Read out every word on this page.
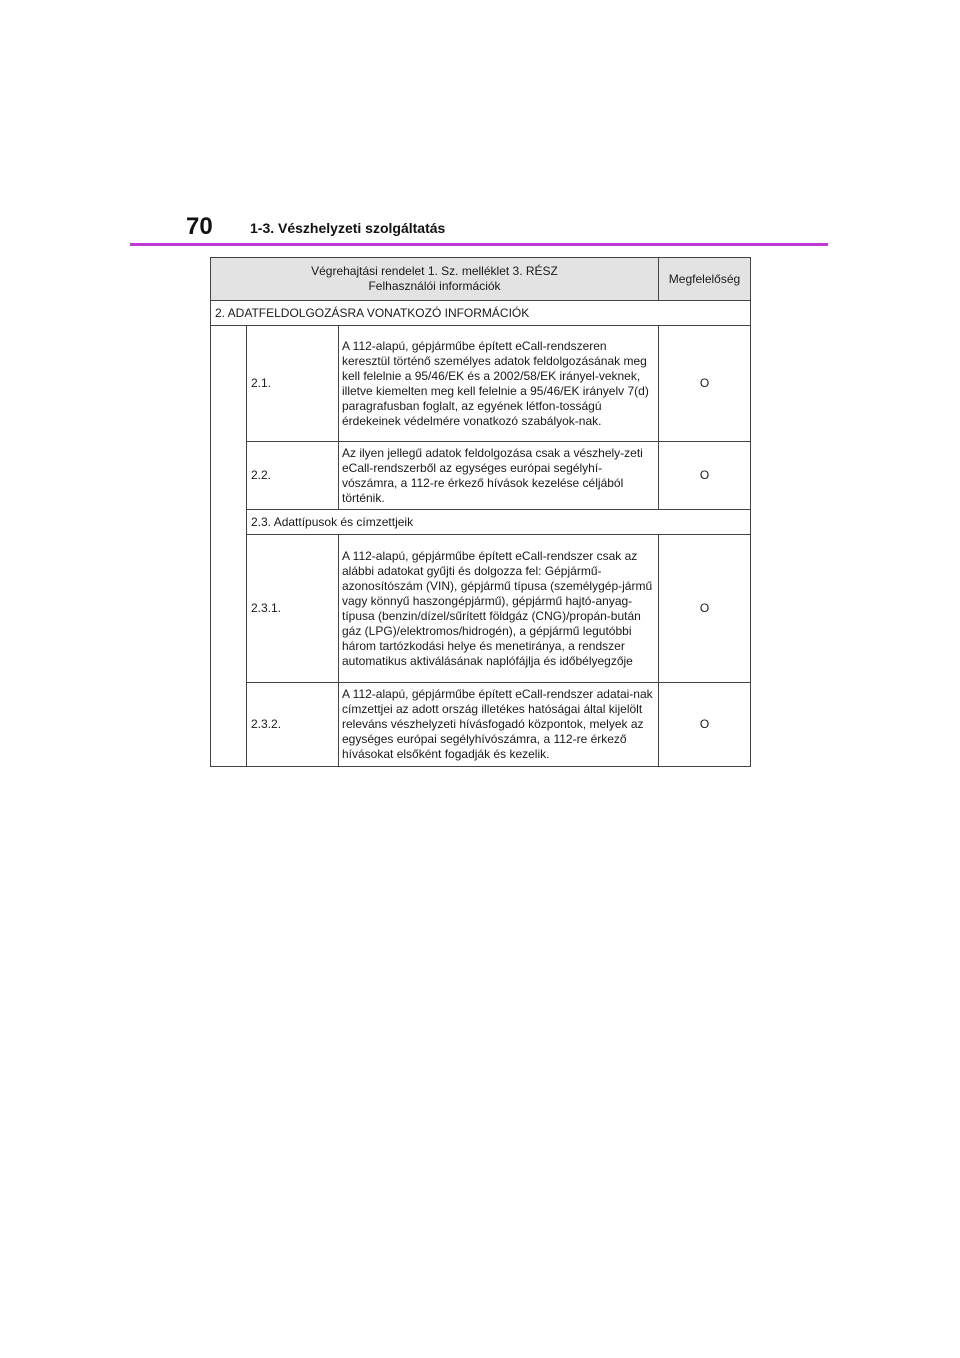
70	1-3. Vészhelyzeti szolgáltatás
Végrehajtási rendelet 1. Sz. melléklet 3. RÉSZ
Felhasználói információk			Megfelelőség
2. ADATFELDOLGOZÁSRA VONATKOZÓ INFORMÁCIÓK			
	2.1.	A 112-alapú, gépjárműbe épített eCall-rendszeren keresztül történő személyes adatok feldolgozásának meg kell felelnie a 95/46/EK és a 2002/58/EK irányel-veknek, illetve kiemelten meg kell felelnie a 95/46/EK irányelv 7(d) paragrafusban foglalt, az egyének létfon-tosságú érdekeinek védelmére vonatkozó szabályok-nak.	O
	2.2.	Az ilyen jellegű adatok feldolgozása csak a vészhely-zeti eCall-rendszerből az egységes európai segélyhí-vószámra, a 112-re érkező hívások kezelése céljából történik.	O
	2.3. Adattípusok és címzettjeik		
	2.3.1.	A 112-alapú, gépjárműbe épített eCall-rendszer csak az alábbi adatokat gyűjti és dolgozza fel: Gépjármű-azonosítószám (VIN), gépjármű típusa (személygép-jármű vagy könnyű haszongépjármű), gépjármű hajtó-anyag-típusa (benzin/dízel/sűrített földgáz (CNG)/propán-bután gáz (LPG)/elektromos/hidrogén), a gépjármű legutóbbi három tartózkodási helye és menetiránya, a rendszer automatikus aktiválásának naplófájlja és időbélyegzője	O
	2.3.2.	A 112-alapú, gépjárműbe épített eCall-rendszer adatai-nak címzettjei az adott ország illetékes hatóságai által kijelölt releváns vészhelyzeti hívásfogadó központok, melyek az egységes európai segélyhívószámra, a 112-re érkező hívásokat elsőként fogadják és kezelik.	O
